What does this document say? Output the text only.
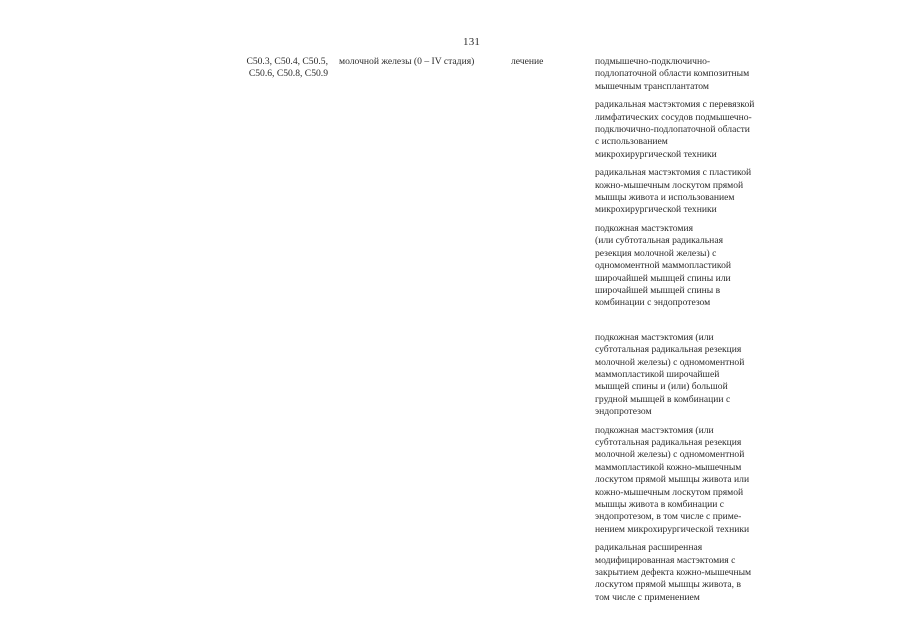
131
C50.3, C50.4, C50.5,
C50.6, C50.8, C50.9
молочной железы (0 – IV стадия)	лечение	подмышечно-подключично-
подлопаточной области композитным
мышечным трансплантатом
радикальная мастэктомия с перевязкой
лимфатических сосудов подмышечно-
подключично-подлопаточной области
с использованием
микрохирургической техники
радикальная мастэктомия с пластикой
кожно-мышечным лоскутом прямой
мышцы живота и использованием
микрохирургической техники
подкожная мастэктомия
(или субтотальная радикальная
резекция молочной железы) с
одномоментной маммопластикой
широчайшей мышцей спины или
широчайшей мышцей спины в
комбинации с эндопротезом
подкожная мастэктомия (или
субтотальная радикальная резекция
молочной железы) с одномоментной
маммопластикой широчайшей
мышцей спины и (или) большой
грудной мышцей в комбинации с
эндопротезом
подкожная мастэктомия (или
субтотальная радикальная резекция
молочной железы) с одномоментной
маммопластикой кожно-мышечным
лоскутом прямой мышцы живота или
кожно-мышечным лоскутом прямой
мышцы живота в комбинации с
эндопротезом, в том числе с приме-
нением микрохирургической техники
радикальная расширенная
модифицированная мастэктомия с
закрытием дефекта кожно-мышечным
лоскутом прямой мышцы живота, в
том числе с применением
